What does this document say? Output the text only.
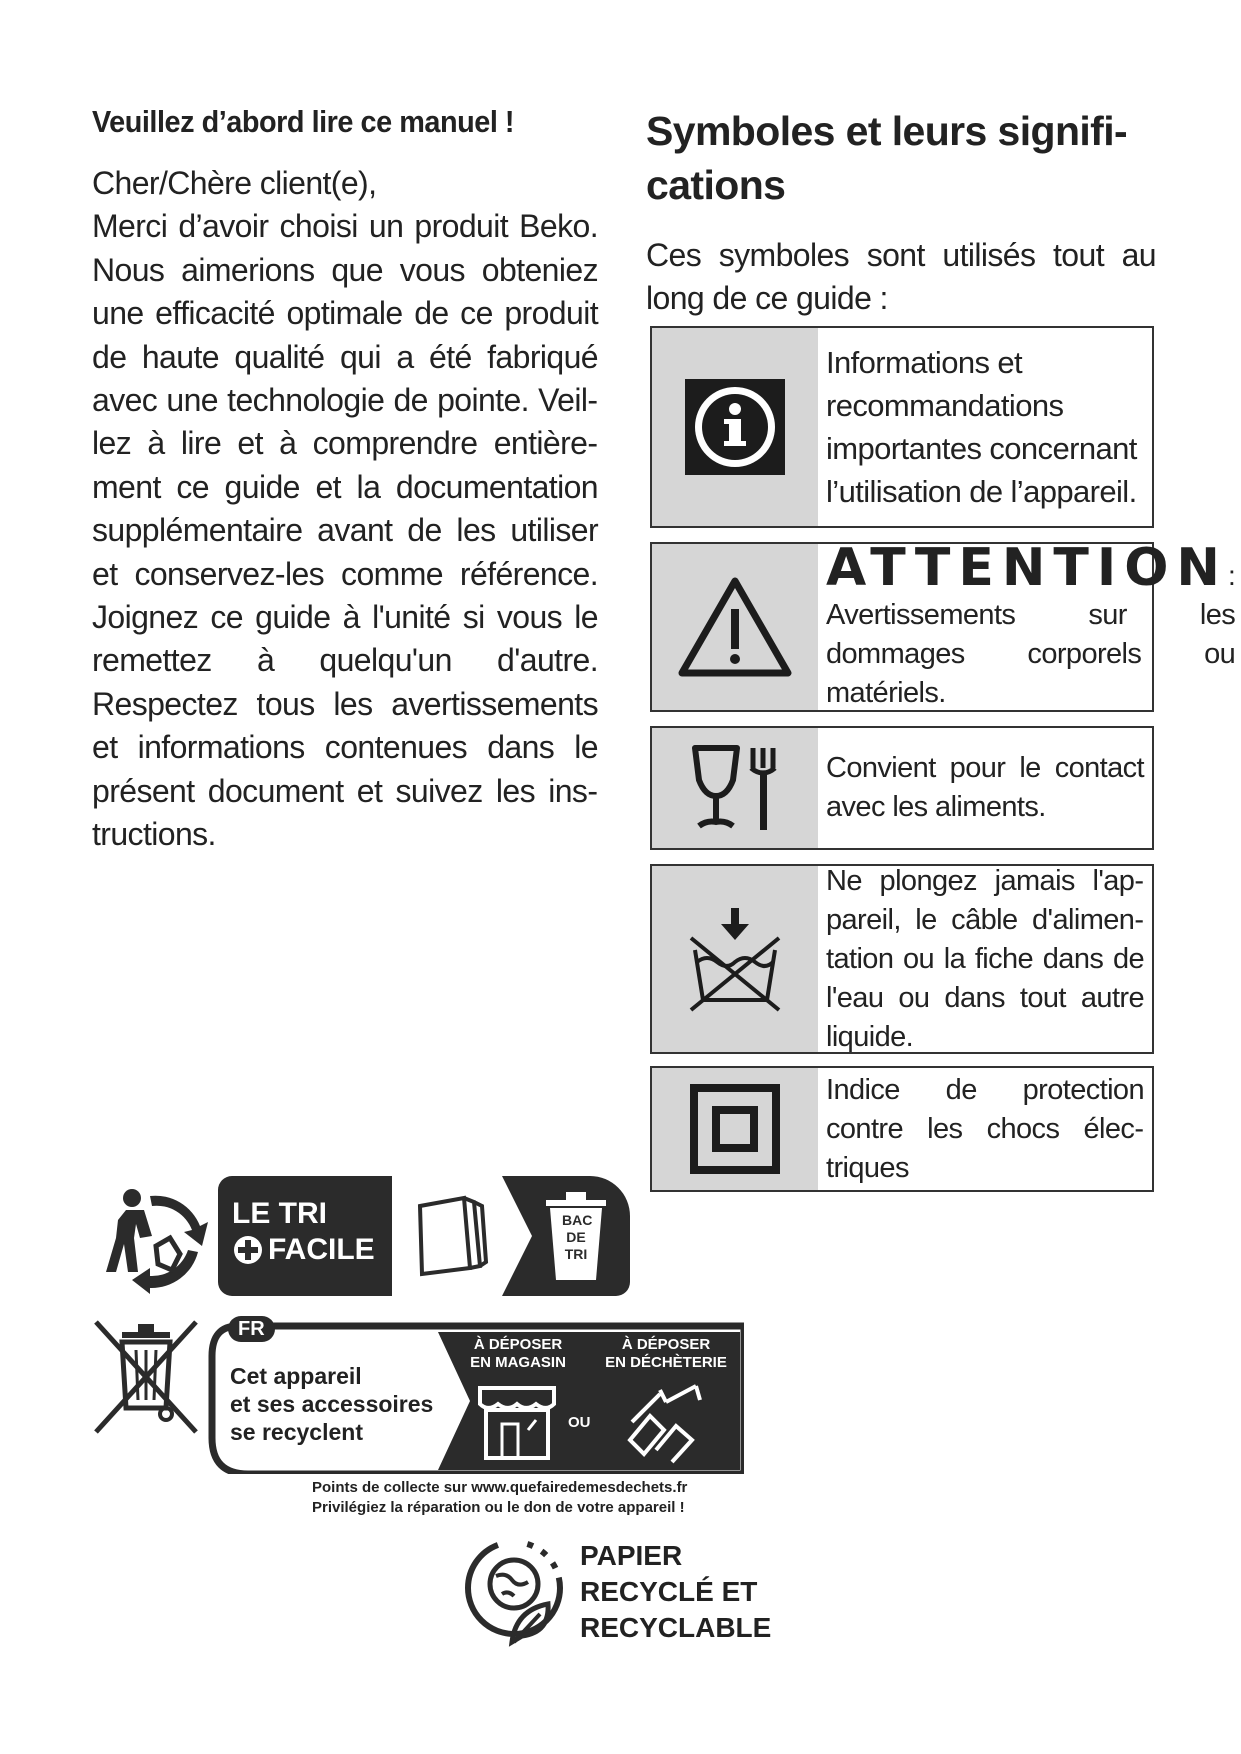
Veuillez d’abord lire ce manuel !
Cher/Chère client(e),
Merci d’avoir choisi un produit Beko. Nous aimerions que vous obteniez une efficacité optimale de ce produit de haute qualité qui a été fabriqué avec une technologie de pointe. Veillez à lire et à comprendre entièrement ce guide et la documentation supplémentaire avant de les utiliser et conservez-les comme référence. Joignez ce guide à l'unité si vous le remettez à quelqu'un d'autre. Respectez tous les avertissements et informations contenues dans le présent document et suivez les instructions.
Symboles et leurs signifi-cations
Ces symboles sont utilisés tout au long de ce guide :
Informations et recommandations importantes concernant l’utilisation de l’appareil.
ATTENTION:
Avertissements sur les dommages corporels ou matériels.
Convient pour le contact avec les aliments.
Ne plongez jamais l'appareil, le câble d'alimentation ou la fiche dans de l'eau ou dans tout autre liquide.
Indice de protection contre les chocs électriques
LE TRI
FACILE
BAC
DE
TRI
FR
Cet appareil
et ses accessoires
se recyclent
À DÉPOSER
EN MAGASIN
À DÉPOSER
EN DÉCHÈTERIE
OU
Points de collecte sur www.quefairedemesdechets.fr
Privilégiez la réparation ou le don de votre appareil !
PAPIER
RECYCLÉ ET
RECYCLABLE
